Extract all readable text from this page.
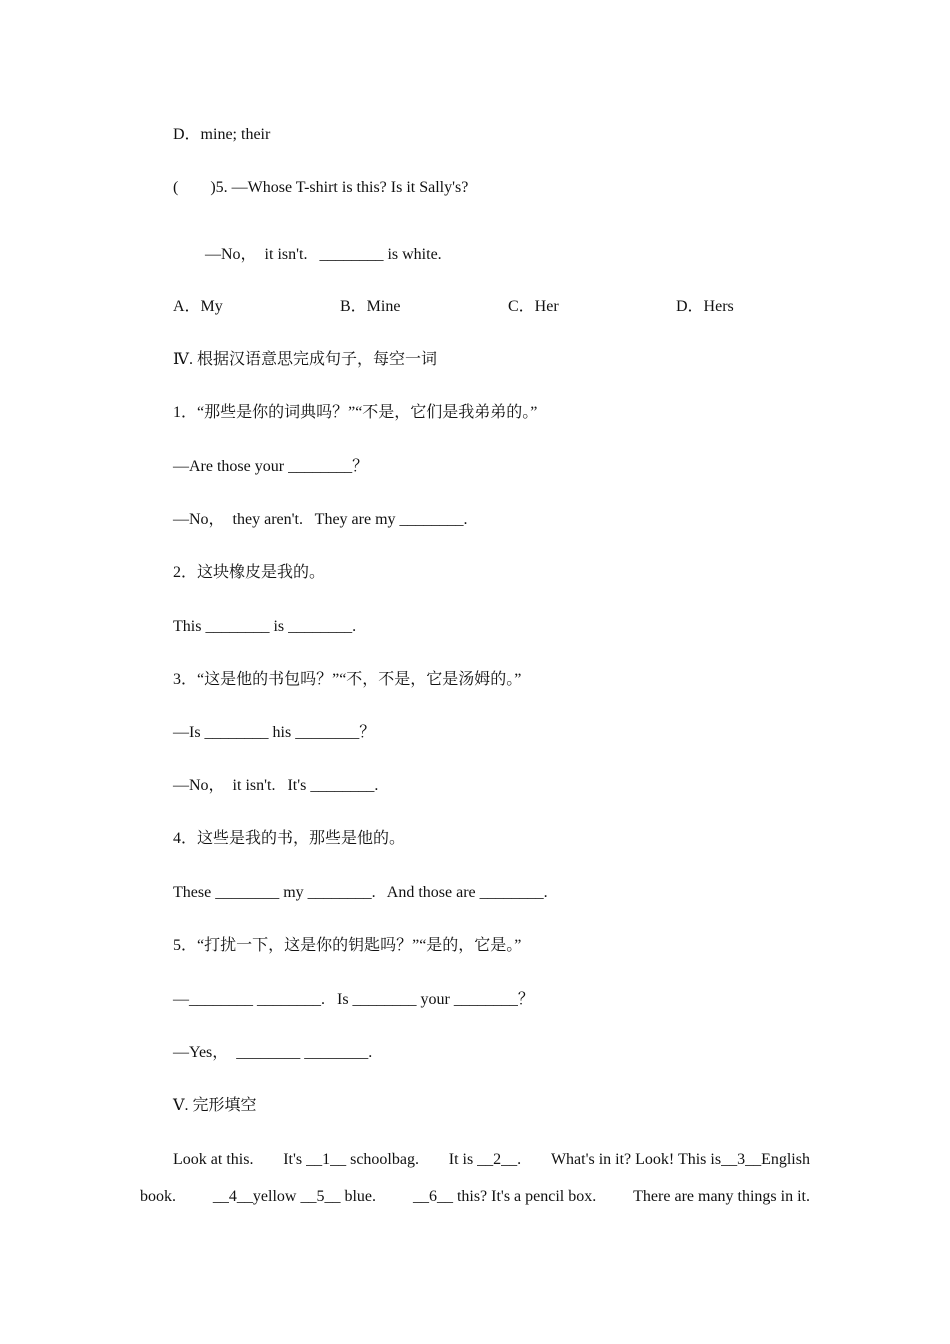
D．mine; their
(　　)5. —Whose T-shirt is this? Is it Sally's?
—No，  it isn't.   ________ is white.
A．My	B．Mine	C．Her	D．Hers
Ⅳ. 根据汉语意思完成句子，每空一词
1．“那些是你的词典吗？”“不是，它们是我弟弟的。”
—Are those your ________？
—No，  they aren't.   They are my ________.
2．这块橡皮是我的。
This ________ is ________.
3．“这是他的书包吗？”“不，不是，它是汤姆的。”
—Is ________ his ________？
—No，  it isn't.   It's ________.
4．这些是我的书，那些是他的。
These ________ my ________.   And those are ________.
5．“打扰一下，这是你的钥匙吗？”“是的，它是。”
—________ ________.   Is ________ your ________？
—Yes，  ________ ________.
Ⅴ. 完形填空
Look at this. It's __1__ schoolbag. It is __2__. What's in it? Look! This is__3__English
book. __4__yellow __5__ blue. __6__ this? It's a pencil box. There are many things in it.
